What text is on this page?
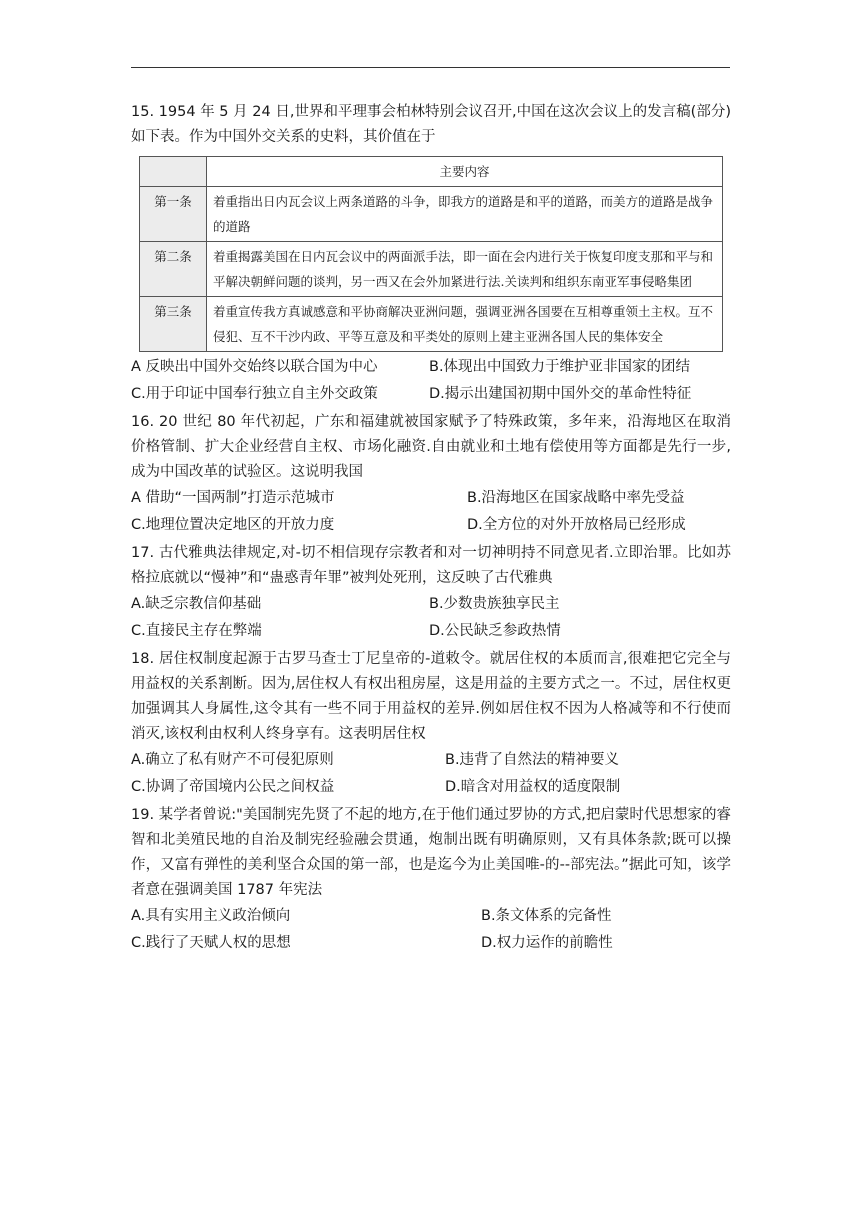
15. 1954 年 5 月 24 日,世界和平理事会柏林特别会议召开,中国在这次会议上的发言稿(部分)如下表。作为中国外交关系的史料，其价值在于

	主要内容
第一条	着重指出日内瓦会议上两条道路的斗争，即我方的道路是和平的道路，而美方的道路是战争的道路
第二条	着重揭露美国在日内瓦会议中的两面派手法，即一面在会内进行关于恢复印度支那和平与和平解决朝鲜问题的谈判，另一西又在会外加紧进行法.关读判和组织东南亚军事侵略集团
第三条	着重宣传我方真诚感意和平协商解决亚洲问题，强调亚洲各国要在互相尊重领土主权。互不侵犯、互不干沙内政、平等互意及和平类处的原则上建主亚洲各国人民的集体安全
A 反映出中国外交始终以联合国为中心	B.体现出中国致力于维护亚非国家的团结
C.用于印证中国奉行独立自主外交政策	D.揭示出建国初期中国外交的革命性特征

16. 20 世纪 80 年代初起，广东和福建就被国家赋予了特殊政策，多年来，沿海地区在取消价格管制、扩大企业经营自主权、市场化融资.自由就业和土地有偿使用等方面都是先行一步,成为中国改革的试验区。这说明我国

A 借助“一国两制”打造示范城市	B.沿海地区在国家战略中率先受益
C.地理位置决定地区的开放力度	D.全方位的对外开放格局已经形成

17. 古代雅典法律规定,对-切不相信现存宗教者和对一切神明持不同意见者.立即治罪。比如苏格拉底就以“慢神”和“蛊惑青年罪”被判处死刑，这反映了古代雅典

A.缺乏宗教信仰基础	B.少数贵族独享民主
C.直接民主存在弊端	D.公民缺乏参政热情

18. 居住权制度起源于古罗马查士丁尼皇帝的-道敕令。就居住权的本质而言,很难把它完全与用益权的关系割断。因为,居住权人有权出租房屋，这是用益的主要方式之一。不过，居住权更加强调其人身属性,这令其有一些不同于用益权的差异.例如居住权不因为人格减等和不行使而消灭,该权利由权利人终身享有。这表明居住权

A.确立了私有财产不可侵犯原则	B.违背了自然法的精神要义
C.协调了帝国境内公民之间权益	D.暗含对用益权的适度限制

19. 某学者曾说:"美国制宪先贤了不起的地方,在于他们通过罗协的方式,把启蒙时代思想家的睿智和北美殖民地的自治及制宪经验融会贯通，炮制出既有明确原则，又有具体条款;既可以操作，又富有弹性的美利坚合众国的第一部，也是迄今为止美国唯-的--部宪法。”据此可知，该学者意在强调美国 1787 年宪法

A.具有实用主义政治倾向	B.条文体系的完备性
C.践行了天赋人权的思想	D.权力运作的前瞻性
